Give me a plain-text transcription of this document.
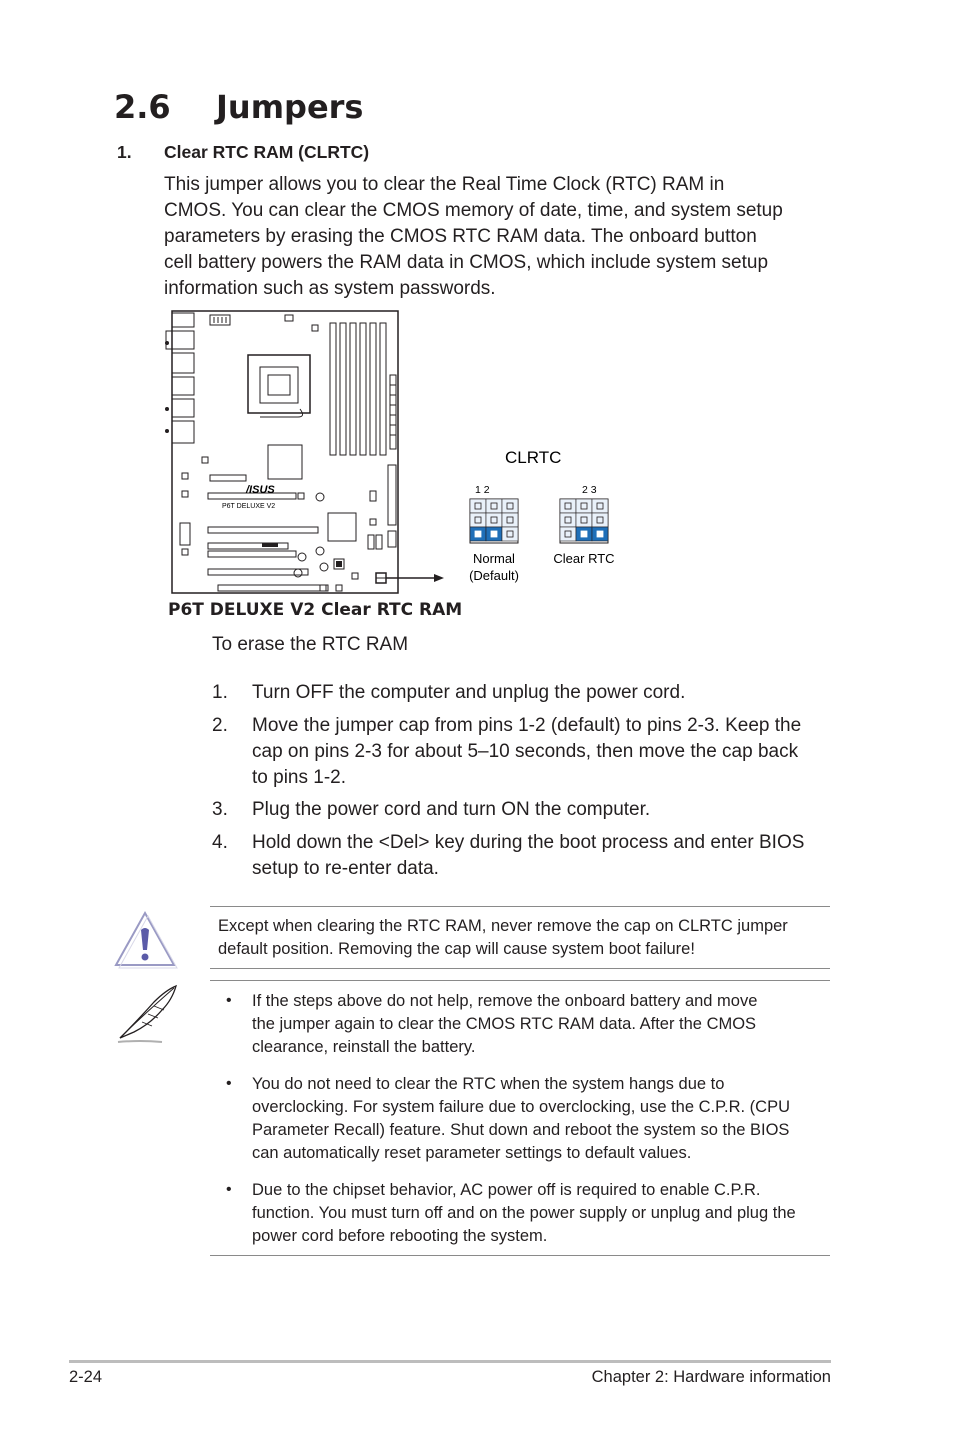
2.6 Jumpers
1. Clear RTC RAM (CLRTC)
This jumper allows you to clear the Real Time Clock (RTC) RAM in
CMOS. You can clear the CMOS memory of date, time, and system setup
parameters by erasing the CMOS RTC RAM data. The onboard button
cell battery powers the RAM data in CMOS, which include system setup
information such as system passwords.
/ISUS
P6T DELUXE V2
CLRTC
1 2
Normal
(Default)
2 3
Clear RTC
P6T DELUXE V2 Clear RTC RAM
To erase the RTC RAM
1. Turn OFF the computer and unplug the power cord.
2. Move the jumper cap from pins 1-2 (default) to pins 2-3. Keep the
cap on pins 2-3 for about 5–10 seconds, then move the cap back
to pins 1-2.
3. Plug the power cord and turn ON the computer.
4. Hold down the <Del> key during the boot process and enter BIOS
setup to re-enter data.
Except when clearing the RTC RAM, never remove the cap on CLRTC jumper
default position. Removing the cap will cause system boot failure!
• If the steps above do not help, remove the onboard battery and move
the jumper again to clear the CMOS RTC RAM data. After the CMOS
clearance, reinstall the battery.
• You do not need to clear the RTC when the system hangs due to
overclocking. For system failure due to overclocking, use the C.P.R. (CPU
Parameter Recall) feature. Shut down and reboot the system so the BIOS
can automatically reset parameter settings to default values.
• Due to the chipset behavior, AC power off is required to enable C.P.R.
function. You must turn off and on the power supply or unplug and plug the
power cord before rebooting the system.
2-24	Chapter 2: Hardware information
